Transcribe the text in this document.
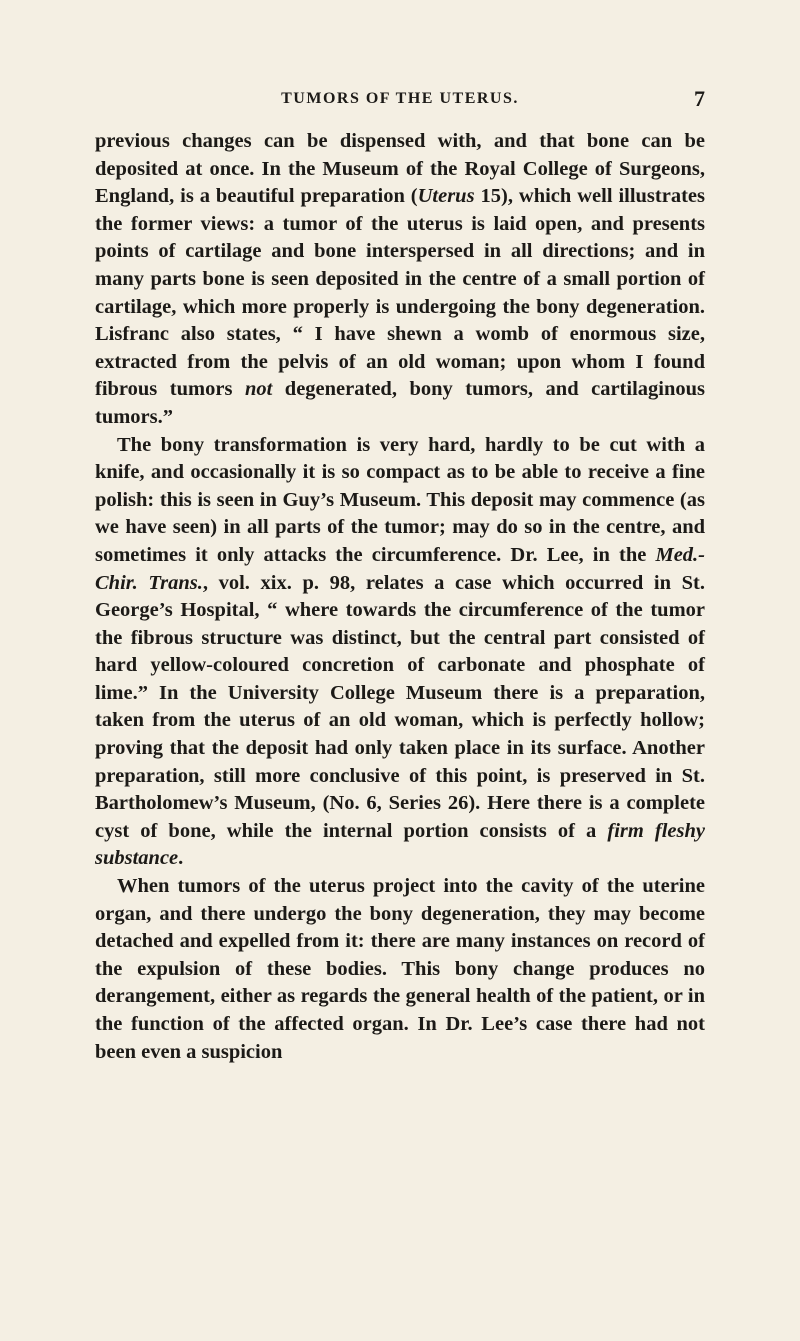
TUMORS OF THE UTERUS.	7

previous changes can be dispensed with, and that bone can be deposited at once. In the Museum of the Royal College of Surgeons, England, is a beautiful preparation (Uterus 15), which well illustrates the former views: a tumor of the uterus is laid open, and presents points of cartilage and bone interspersed in all directions; and in many parts bone is seen deposited in the centre of a small portion of cartilage, which more properly is undergoing the bony degeneration. Lisfranc also states, “ I have shewn a womb of enormous size, extracted from the pelvis of an old woman; upon whom I found fibrous tumors not degenerated, bony tumors, and cartilaginous tumors.”

The bony transformation is very hard, hardly to be cut with a knife, and occasionally it is so compact as to be able to receive a fine polish: this is seen in Guy’s Museum. This deposit may commence (as we have seen) in all parts of the tumor; may do so in the centre, and sometimes it only attacks the circumference. Dr. Lee, in the Med.-Chir. Trans., vol. xix. p. 98, relates a case which occurred in St. George’s Hospital, “ where towards the circumference of the tumor the fibrous structure was distinct, but the central part consisted of hard yellow-coloured concretion of carbonate and phosphate of lime.” In the University College Museum there is a preparation, taken from the uterus of an old woman, which is perfectly hollow; proving that the deposit had only taken place in its surface. Another preparation, still more conclusive of this point, is preserved in St. Bartholomew’s Museum, (No. 6, Series 26). Here there is a complete cyst of bone, while the internal portion consists of a firm fleshy substance.

When tumors of the uterus project into the cavity of the uterine organ, and there undergo the bony degeneration, they may become detached and expelled from it: there are many instances on record of the expulsion of these bodies. This bony change produces no derangement, either as regards the general health of the patient, or in the function of the affected organ. In Dr. Lee’s case there had not been even a suspicion
